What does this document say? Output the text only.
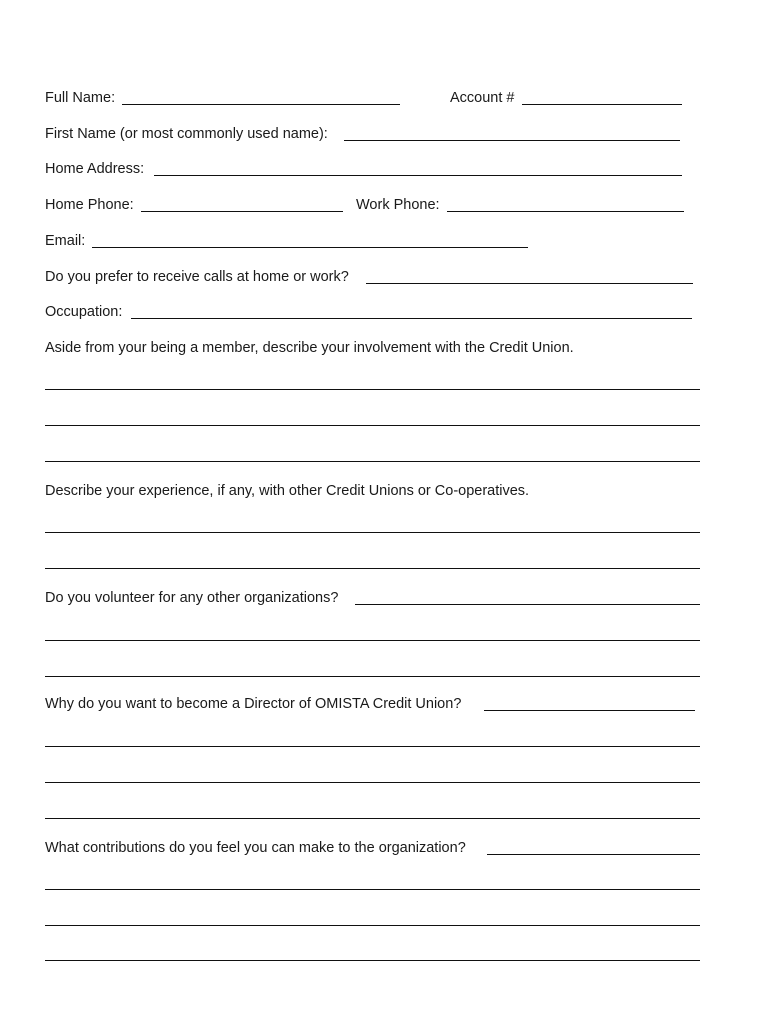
Full Name:	Account #
First Name (or most commonly used name):
Home Address:
Home Phone:	Work Phone:
Email:
Do you prefer to receive calls at home or work?
Occupation:
Aside from your being a member, describe your involvement with the Credit Union.
Describe your experience, if any, with other Credit Unions or Co-operatives.
Do you volunteer for any other organizations?
Why do you want to become a Director of OMISTA Credit Union?
What contributions do you feel you can make to the organization?
